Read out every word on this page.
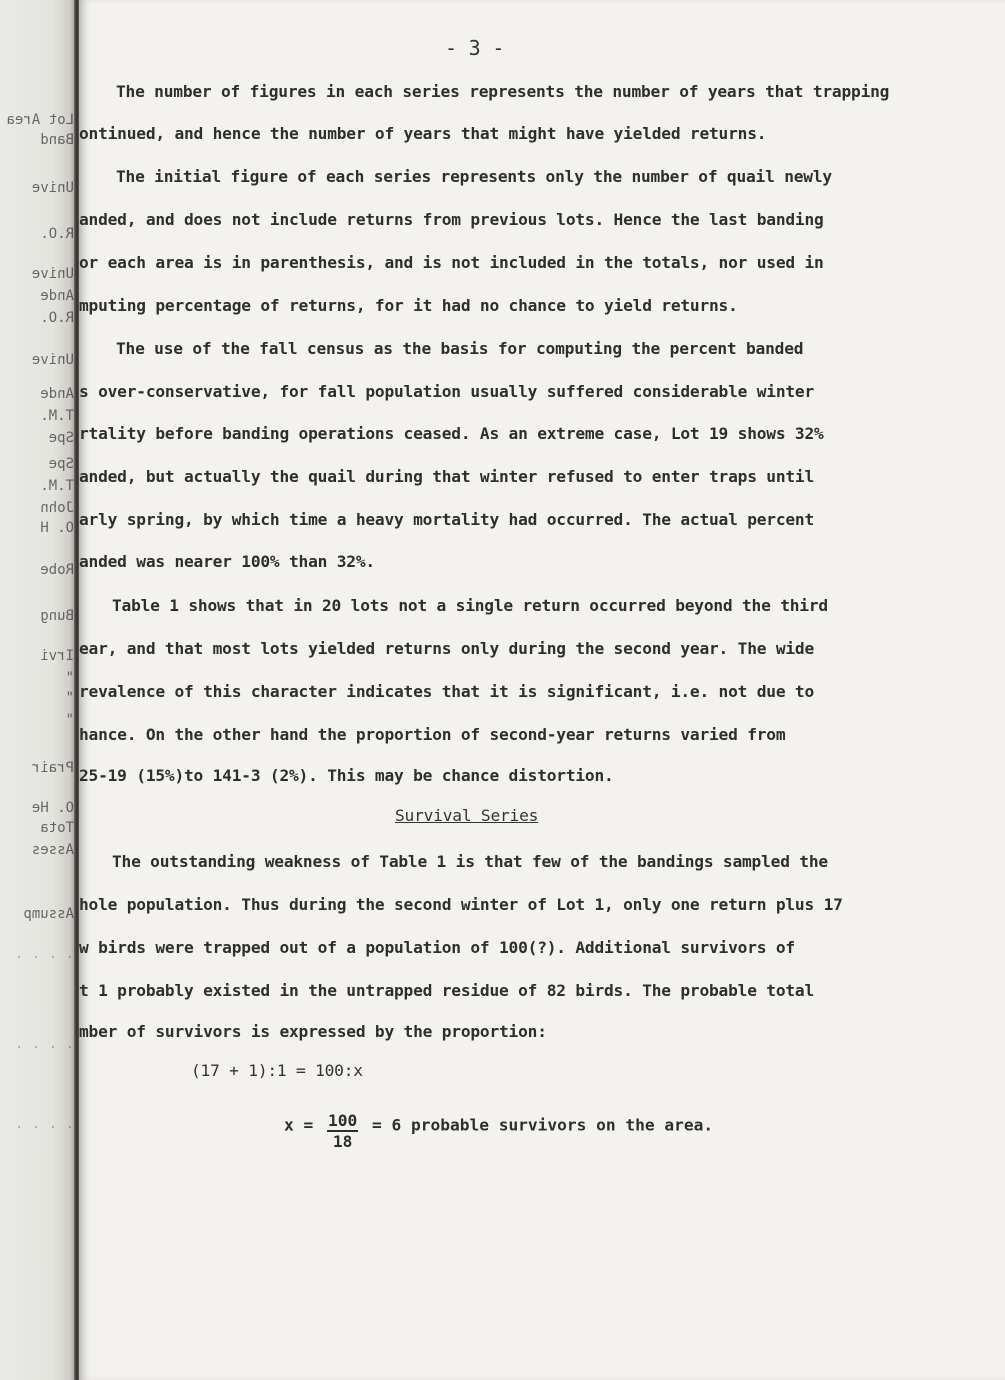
Lot Area
Band
Unive
R.O.
Unive
Ande
R.O.
Unive
Ande
T.M.
Spe
Spe
T.M.
John
O. H
Robe
Bung
Irvi
"
"
"
Prair
O. He
Tota
Asses
Assump
· · · ·
· · · ·
· · · ·

- 3 -

The number of figures in each series represents the number of years that trapping

ontinued, and hence the number of years that might have yielded returns.

The initial figure of each series represents only the number of quail newly

anded, and does not include returns from previous lots. Hence the last banding

or each area is in parenthesis, and is not included in the totals, nor used in

mputing percentage of returns, for it had no chance to yield returns.

The use of the fall census as the basis for computing the percent banded

s over-conservative, for fall population usually suffered considerable winter

rtality before banding operations ceased. As an extreme case, Lot 19 shows 32%

anded, but actually the quail during that winter refused to enter traps until

arly spring, by which time a heavy mortality had occurred. The actual percent

anded was nearer 100% than 32%.

Table 1 shows that in 20 lots not a single return occurred beyond the third

ear, and that most lots yielded returns only during the second year. The wide

revalence of this character indicates that it is significant, i.e. not due to

hance. On the other hand the proportion of second-year returns varied from

25-19 (15%)to 141-3 (2%). This may be chance distortion.

Survival Series

The outstanding weakness of Table 1 is that few of the bandings sampled the

hole population. Thus during the second winter of Lot 1, only one return plus 17

w birds were trapped out of a population of 100(?). Additional survivors of

t 1 probably existed in the untrapped residue of 82 birds. The probable total

mber of survivors is expressed by the proportion:

(17 + 1):1 = 100:x

$x = \frac{100}{18} = 6$ probable survivors on the area.
